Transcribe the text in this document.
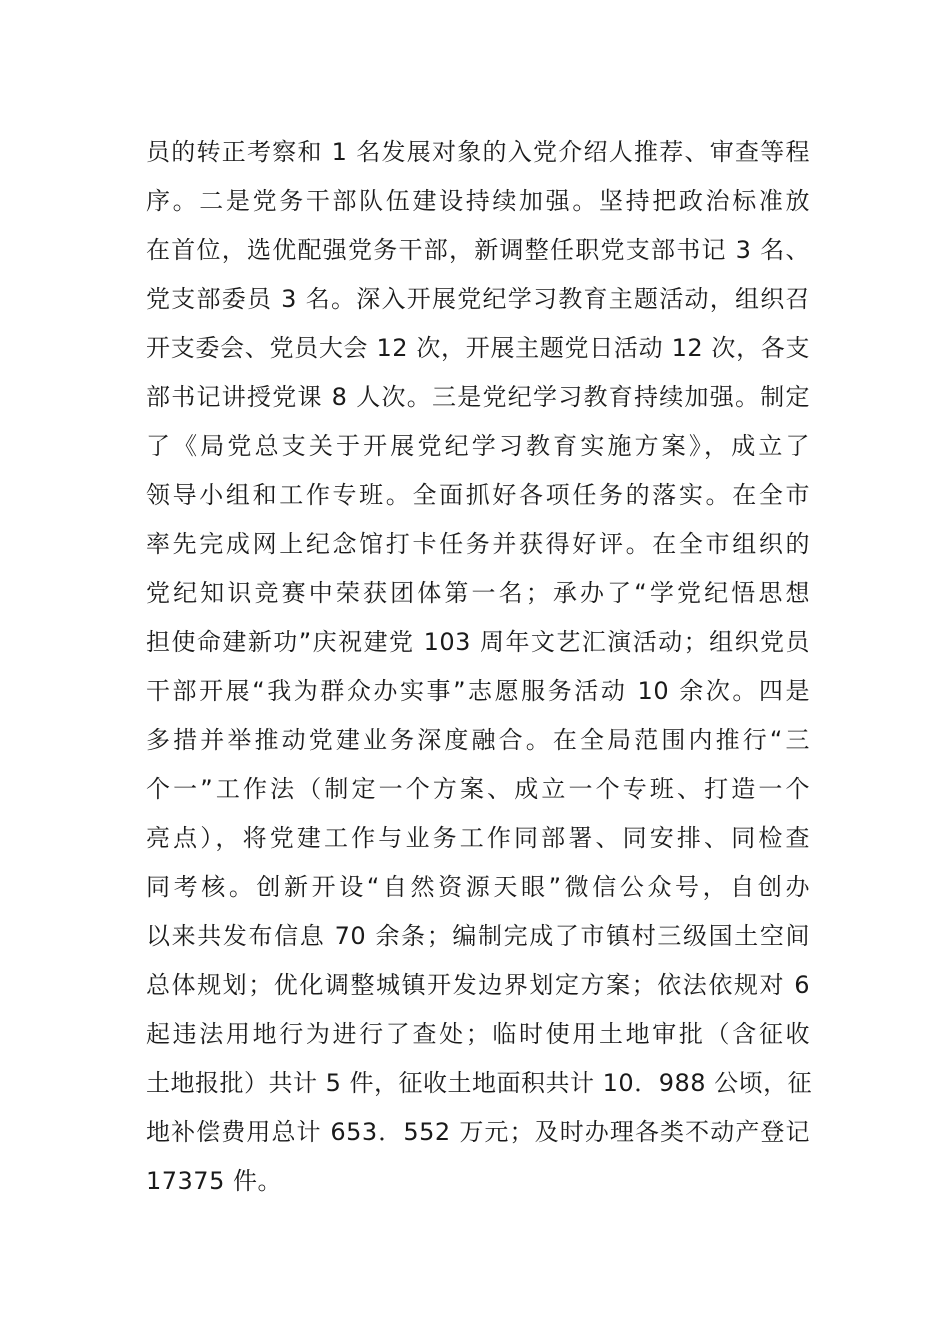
员的转正考察和 1 名发展对象的入党介绍人推荐、审查等程
序。二是党务干部队伍建设持续加强。坚持把政治标准放
在首位，选优配强党务干部，新调整任职党支部书记 3 名、
党支部委员 3 名。深入开展党纪学习教育主题活动，组织召
开支委会、党员大会 12 次，开展主题党日活动 12 次，各支
部书记讲授党课 8 人次。三是党纪学习教育持续加强。制定
了《局党总支关于开展党纪学习教育实施方案》，成立了
领导小组和工作专班。全面抓好各项任务的落实。在全市
率先完成网上纪念馆打卡任务并获得好评。在全市组织的
党纪知识竞赛中荣获团体第一名；承办了“学党纪悟思想
担使命建新功”庆祝建党 103 周年文艺汇演活动；组织党员
干部开展“我为群众办实事”志愿服务活动 10 余次。四是
多措并举推动党建业务深度融合。在全局范围内推行“三
个一”工作法（制定一个方案、成立一个专班、打造一个
亮点），将党建工作与业务工作同部署、同安排、同检查
同考核。创新开设“自然资源天眼”微信公众号，自创办
以来共发布信息 70 余条；编制完成了市镇村三级国土空间
总体规划；优化调整城镇开发边界划定方案；依法依规对 6
起违法用地行为进行了查处；临时使用土地审批（含征收
土地报批）共计 5 件，征收土地面积共计 10．988 公顷，征
地补偿费用总计 653．552 万元；及时办理各类不动产登记
17375 件。
